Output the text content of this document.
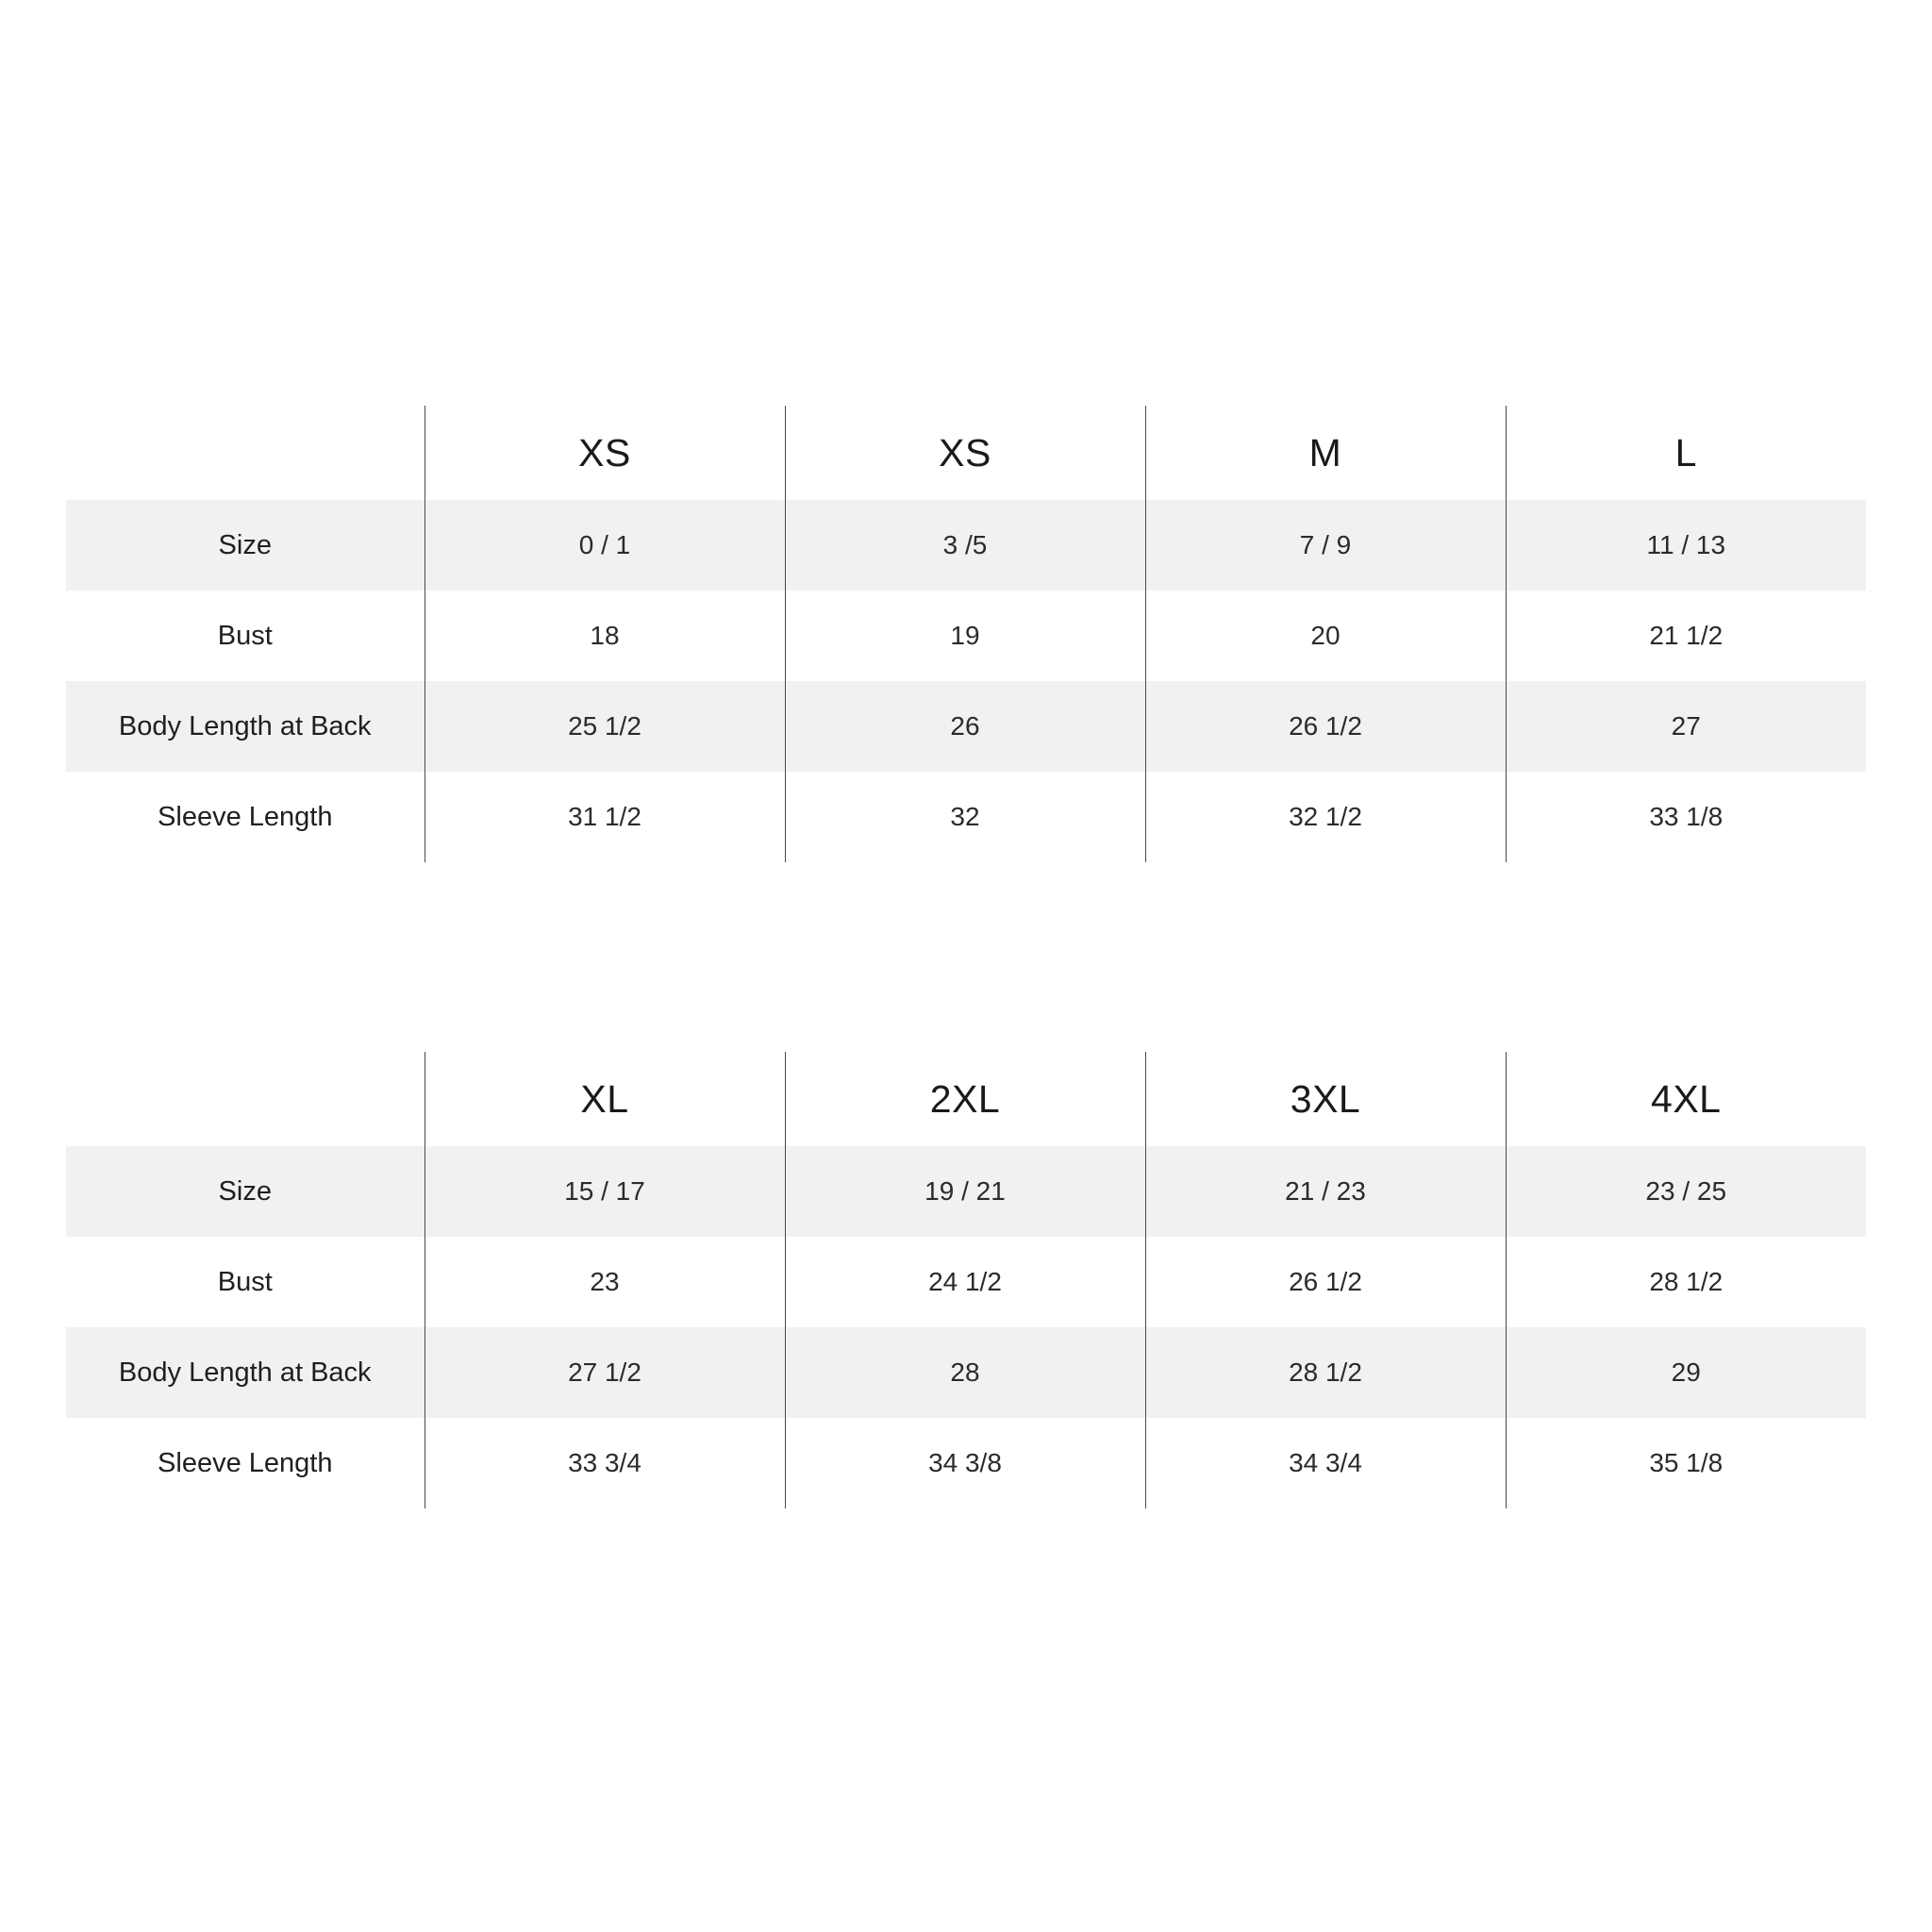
	XS	XS	M	L
Size	0 / 1	3 /5	7 / 9	11 / 13
Bust	18	19	20	21 1/2
Body Length at Back	25 1/2	26	26 1/2	27
Sleeve Length	31 1/2	32	32 1/2	33 1/8
	XL	2XL	3XL	4XL
Size	15 / 17	19 / 21	21 / 23	23 / 25
Bust	23	24 1/2	26 1/2	28 1/2
Body Length at Back	27 1/2	28	28 1/2	29
Sleeve Length	33 3/4	34 3/8	34 3/4	35 1/8
